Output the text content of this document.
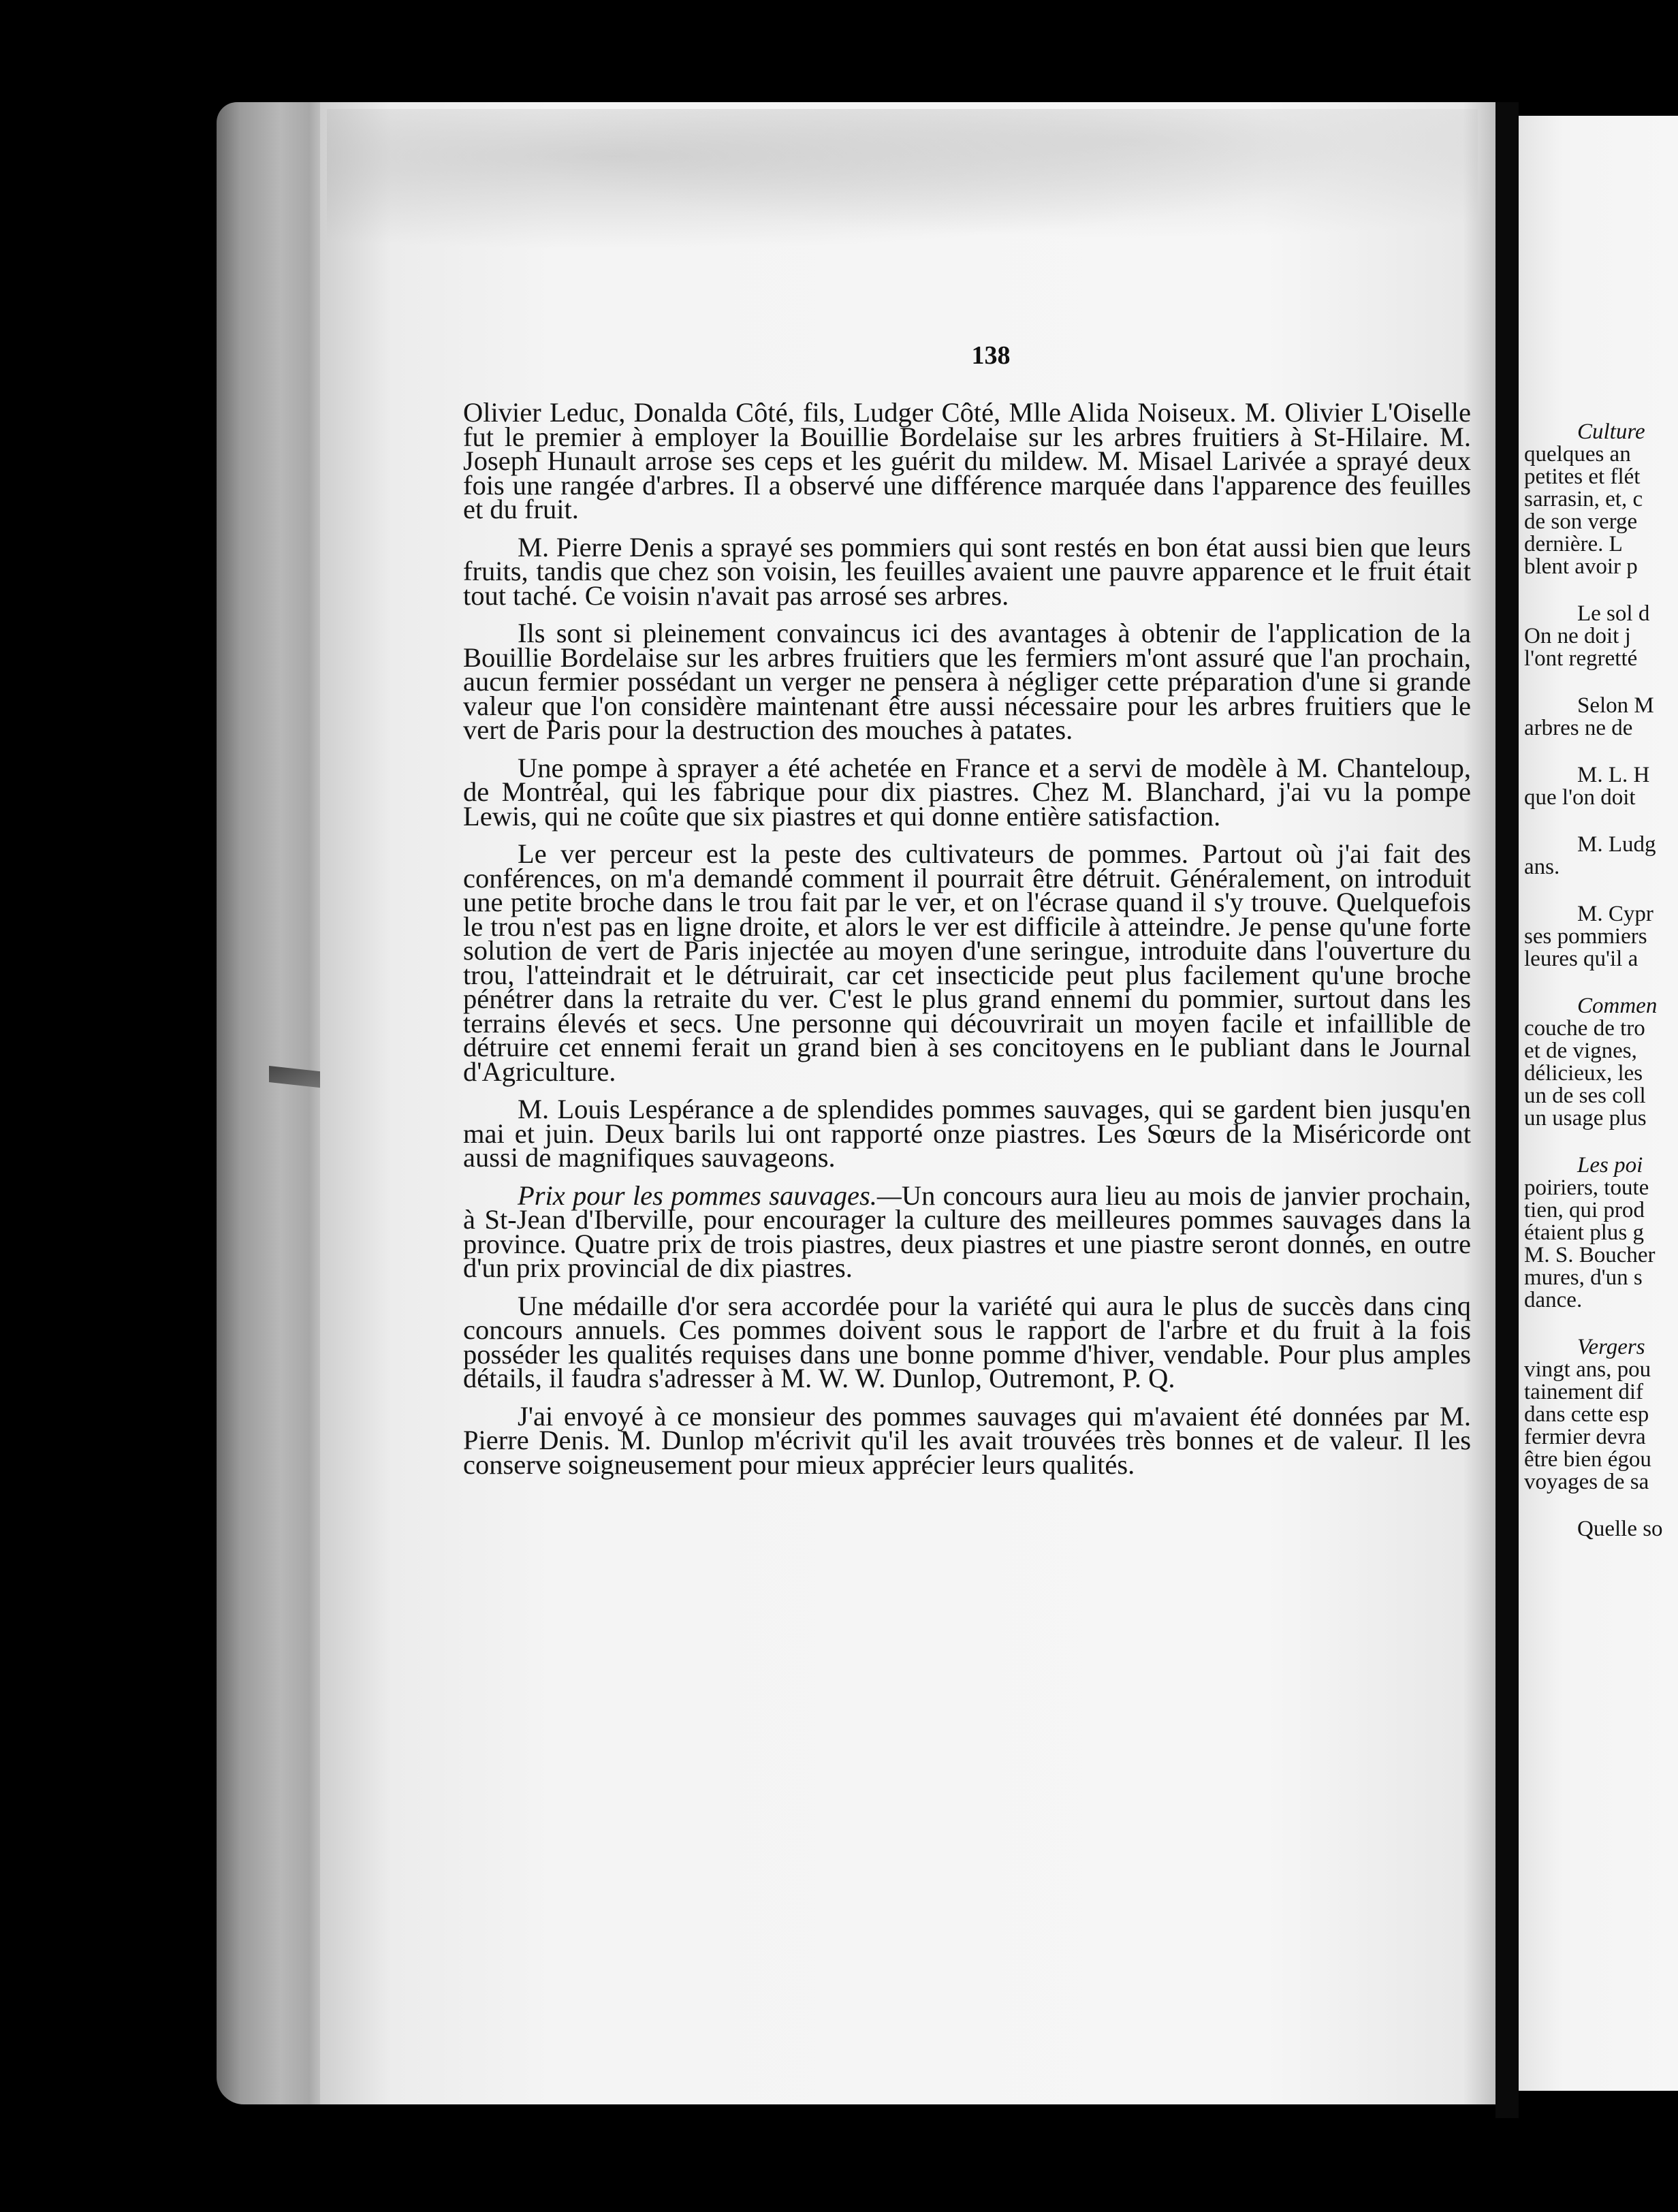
138

Olivier Leduc, Donalda Côté, fils, Ludger Côté, Mlle Alida Noiseux. M. Olivier L'Oiselle fut le premier à employer la Bouillie Bordelaise sur les arbres fruitiers à St-Hilaire. M. Joseph Hunault arrose ses ceps et les guérit du mildew. M. Misael Larivée a sprayé deux fois une rangée d'arbres. Il a observé une différence marquée dans l'apparence des feuilles et du fruit.

M. Pierre Denis a sprayé ses pommiers qui sont restés en bon état aussi bien que leurs fruits, tandis que chez son voisin, les feuilles avaient une pauvre apparence et le fruit était tout taché. Ce voisin n'avait pas arrosé ses arbres.

Ils sont si pleinement convaincus ici des avantages à obtenir de l'application de la Bouillie Bordelaise sur les arbres fruitiers que les fermiers m'ont assuré que l'an prochain, aucun fermier possédant un verger ne pensera à négliger cette préparation d'une si grande valeur que l'on considère maintenant être aussi nécessaire pour les arbres fruitiers que le vert de Paris pour la destruction des mouches à patates.

Une pompe à sprayer a été achetée en France et a servi de modèle à M. Chanteloup, de Montréal, qui les fabrique pour dix piastres. Chez M. Blanchard, j'ai vu la pompe Lewis, qui ne coûte que six piastres et qui donne entière satisfaction.

Le ver perceur est la peste des cultivateurs de pommes. Partout où j'ai fait des conférences, on m'a demandé comment il pourrait être détruit. Généralement, on introduit une petite broche dans le trou fait par le ver, et on l'écrase quand il s'y trouve. Quelquefois le trou n'est pas en ligne droite, et alors le ver est difficile à atteindre. Je pense qu'une forte solution de vert de Paris injectée au moyen d'une seringue, introduite dans l'ouverture du trou, l'atteindrait et le détruirait, car cet insecticide peut plus facilement qu'une broche pénétrer dans la retraite du ver. C'est le plus grand ennemi du pommier, surtout dans les terrains élevés et secs. Une personne qui découvrirait un moyen facile et infaillible de détruire cet ennemi ferait un grand bien à ses concitoyens en le publiant dans le Journal d'Agriculture.

M. Louis Lespérance a de splendides pommes sauvages, qui se gardent bien jusqu'en mai et juin. Deux barils lui ont rapporté onze piastres. Les Sœurs de la Miséricorde ont aussi de magnifiques sauvageons.

Prix pour les pommes sauvages.—Un concours aura lieu au mois de janvier prochain, à St-Jean d'Iberville, pour encourager la culture des meilleures pommes sauvages dans la province. Quatre prix de trois piastres, deux piastres et une piastre seront donnés, en outre d'un prix provincial de dix piastres.

Une médaille d'or sera accordée pour la variété qui aura le plus de succès dans cinq concours annuels. Ces pommes doivent sous le rapport de l'arbre et du fruit à la fois posséder les qualités requises dans une bonne pomme d'hiver, vendable. Pour plus amples détails, il faudra s'adresser à M. W. W. Dunlop, Outremont, P. Q.

J'ai envoyé à ce monsieur des pommes sauvages qui m'avaient été données par M. Pierre Denis. M. Dunlop m'écrivit qu'il les avait trouvées très bonnes et de valeur. Il les conserve soigneusement pour mieux apprécier leurs qualités.

Culture
quelques an
petites et flét
sarrasin, et, c
de son verge
dernière. L
blent avoir p

Le sol d
On ne doit j
l'ont regretté

Selon M
arbres ne de

M. L. H
que l'on doit

M. Ludg
ans.

M. Cypr
ses pommiers
leures qu'il a

Commen
couche de tro
et de vignes,
délicieux, les
un de ses coll
un usage plus

Les poi
poiriers, toute
tien, qui prod
étaient plus g
M. S. Boucher
mures, d'un s
dance.

Vergers
vingt ans, pou
tainement dif
dans cette esp
fermier devra
être bien égou
voyages de sa

Quelle so
